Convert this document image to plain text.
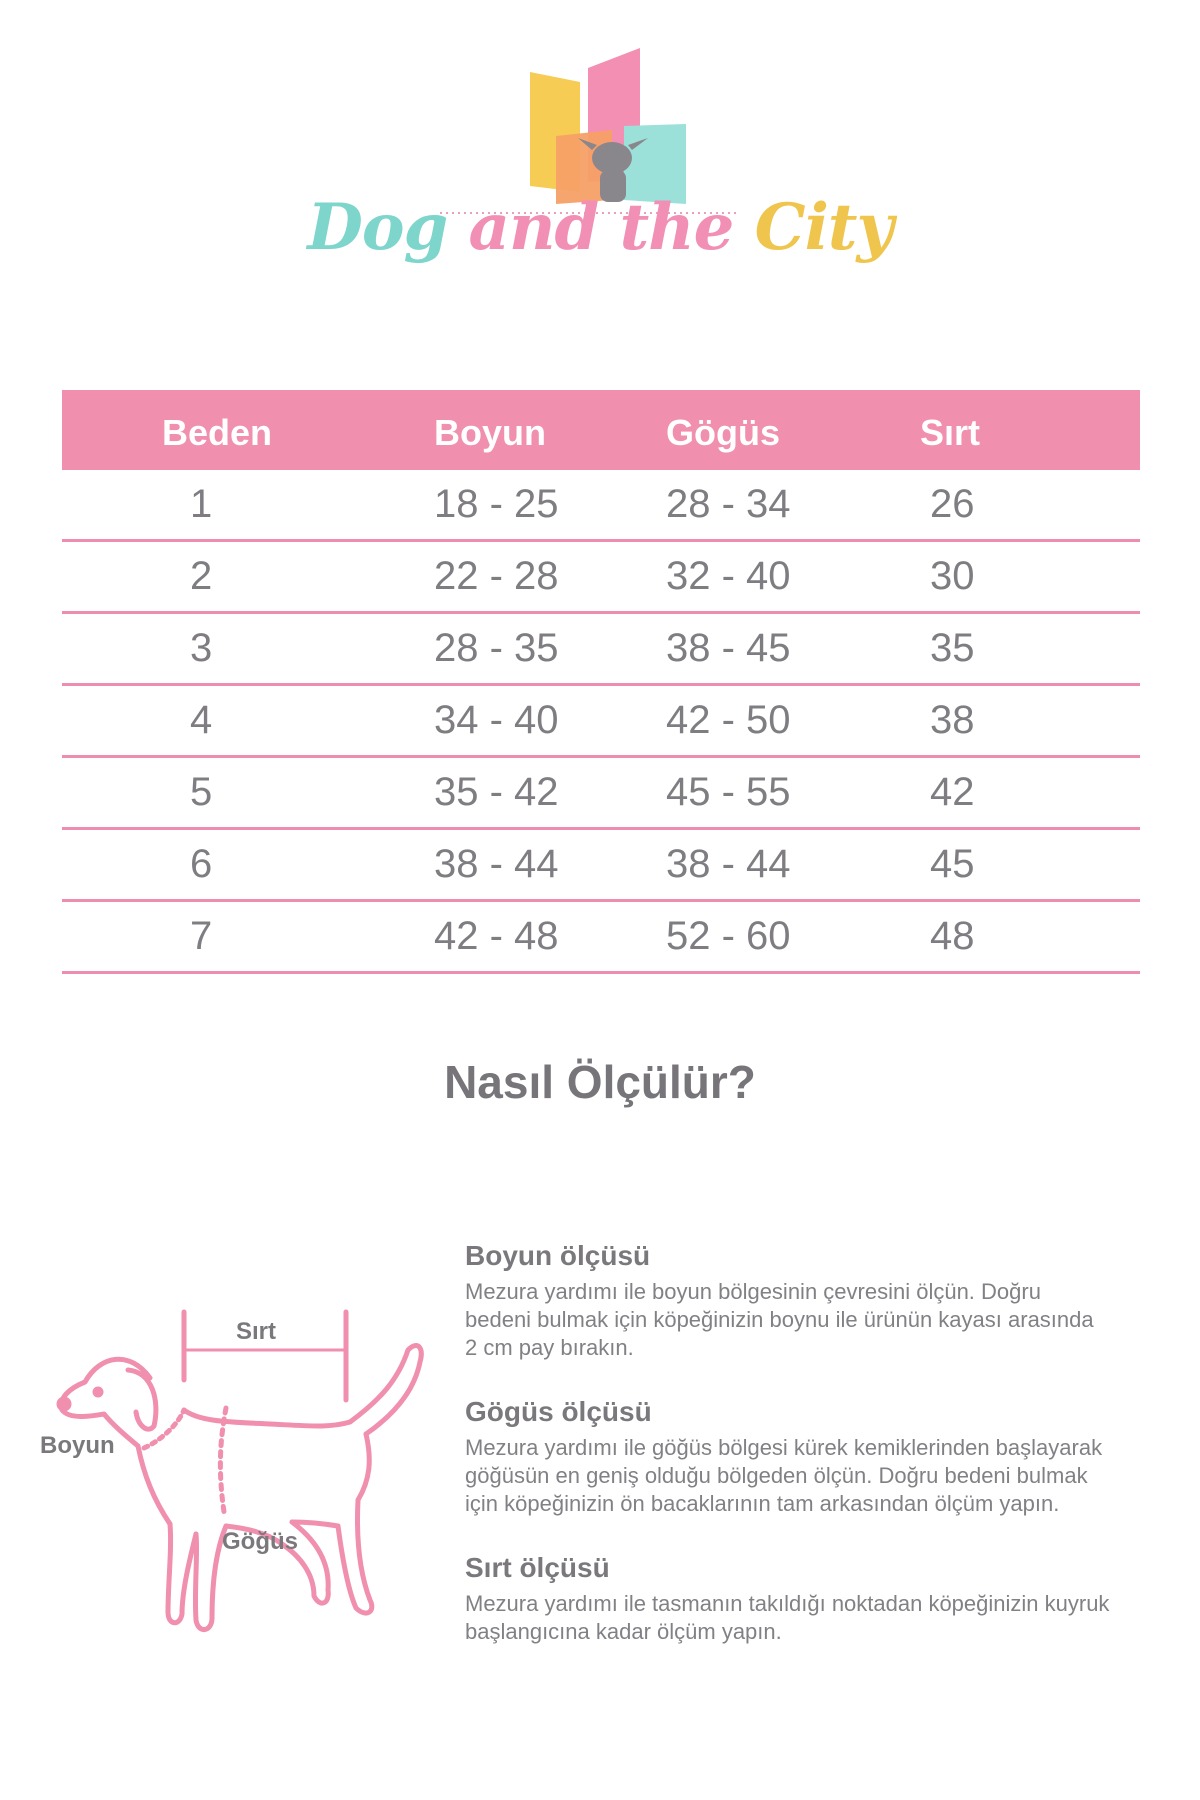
Dog and the City
Beden	Boyun	Gögüs	Sırt
1	18 - 25	28 - 34	26
2	22 - 28	32 - 40	30
3	28 - 35	38 - 45	35
4	34 - 40	42 - 50	38
5	35 - 42	45 - 55	42
6	38 - 44	38 - 44	45
7	42 - 48	52 - 60	48
Nasıl Ölçülür?
Sırt
Boyun
Göğüs
Boyun ölçüsü

Mezura yardımı ile boyun bölgesinin çevresini ölçün. Doğru

bedeni bulmak için köpeğinizin boynu ile ürünün kayası arasında

2 cm pay bırakın.

Gögüs ölçüsü

Mezura yardımı ile göğüs bölgesi kürek kemiklerinden başlayarak

göğüsün en geniş olduğu bölgeden ölçün. Doğru bedeni bulmak

için köpeğinizin ön bacaklarının tam arkasından ölçüm yapın.

Sırt ölçüsü

Mezura yardımı ile tasmanın takıldığı noktadan köpeğinizin kuyruk

başlangıcına kadar ölçüm yapın.
